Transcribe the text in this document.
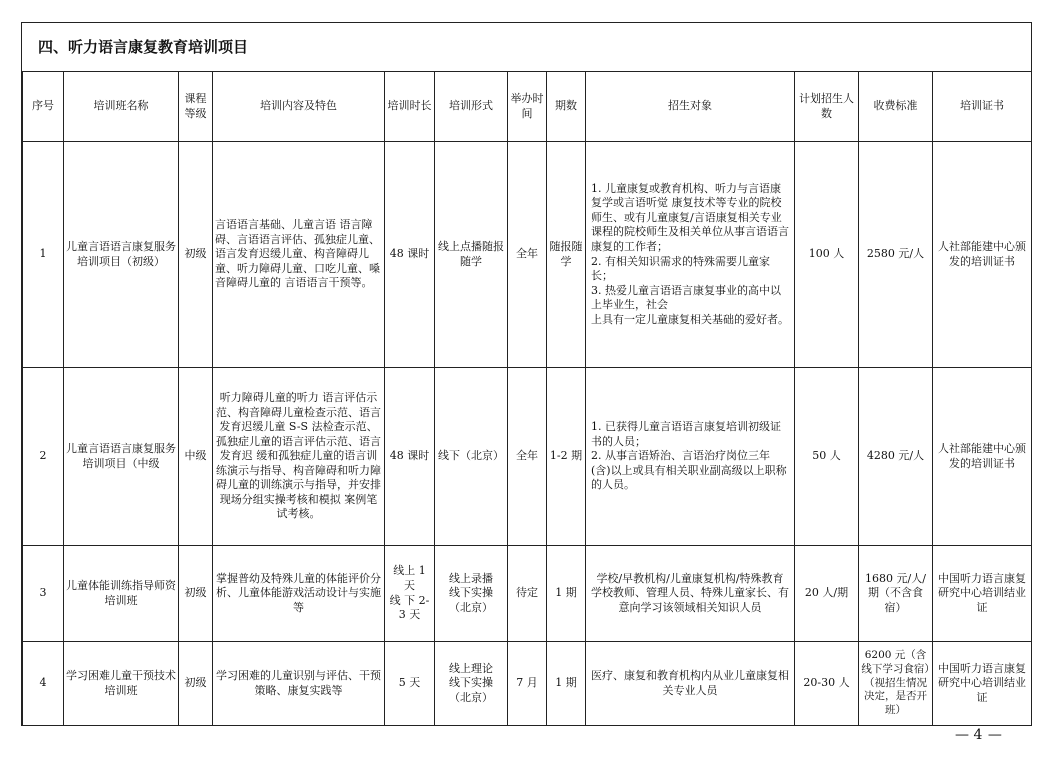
四、听力语言康复教育培训项目
序号	培训班名称	课程等级	培训内容及特色	培训时长	培训形式	举办时间	期数	招生对象	计划招生人数	收费标准	培训证书
1	儿童言语语言康复服务培训项目（初级）	初级	言语语言基础、儿童言语 语言障碍、言语语言评估、孤独症儿童、语言发育迟缓儿童、构音障碍儿童、听力障碍儿童、口吃儿童、嗓音障碍儿童的 言语语言干预等。	48 课时	线上点播随报随学	全年	随报随学	1. 儿童康复或教育机构、听力与言语康复学或言语听觉 康复技术等专业的院校师生、或有儿童康复/言语康复相关专业课程的院校师生及相关单位从事言语语言康复的工作者；
2. 有相关知识需求的特殊需要儿童家长；
3. 热爱儿童言语语言康复事业的高中以上毕业生，社会
上具有一定儿童康复相关基础的爱好者。	100 人	2580 元/人	人社部能建中心颁发的培训证书
2	儿童言语语言康复服务培训项目（中级	中级	听力障碍儿童的听力 语言评估示范、构音障碍儿童检查示范、语言发育迟缓儿童 S-S 法检查示范、孤独症儿童的语言评估示范、语言发育迟 缓和孤独症儿童的语言训练演示与指导、构音障碍和听力障 碍儿童的训练演示与指导，并安排现场分组实操考核和模拟 案例笔试考核。	48 课时	线下（北京）	全年	1-2 期	1. 已获得儿童言语语言康复培训初级证书的人员；
2. 从事言语矫治、言语治疗岗位三年(含)以上或具有相关职业副高级以上职称的人员。	50 人	4280 元/人	人社部能建中心颁发的培训证书
3	儿童体能训练指导师资培训班	初级	掌握普幼及特殊儿童的体能评价分析、儿童体能游戏活动设计与实施等	线上 1 天
线 下 2-3 天	线上录播
线下实操
（北京）	待定	1 期	学校/早教机构/儿童康复机构/特殊教育学校教师、管理人员、特殊儿童家长、有意向学习该领域相关知识人员	20 人/期	1680 元/人/期（不含食宿）	中国听力语言康复研究中心培训结业证
4	学习困难儿童干预技术培训班	初级	学习困难的儿童识别与评估、干预策略、康复实践等	5 天	线上理论
线下实操
（北京）	7 月	1 期	医疗、康复和教育机构内从业儿童康复相关专业人员	20-30 人	6200 元（含线下学习食宿）（视招生情况决定，是否开班）	中国听力语言康复研究中心培训结业证
— 4 —
